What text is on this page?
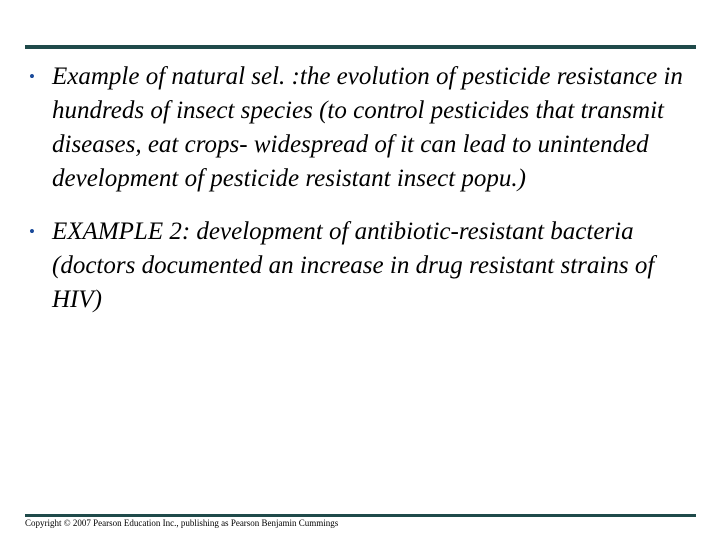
• Example of natural sel. :the evolution of pesticide resistance in hundreds of insect species (to control pesticides that transmit diseases, eat crops- widespread of it can lead to unintended development of pesticide resistant insect popu.)
• EXAMPLE 2: development of antibiotic-resistant bacteria (doctors documented an increase in drug resistant strains of HIV)
Copyright © 2007 Pearson Education Inc., publishing as Pearson Benjamin Cummings
